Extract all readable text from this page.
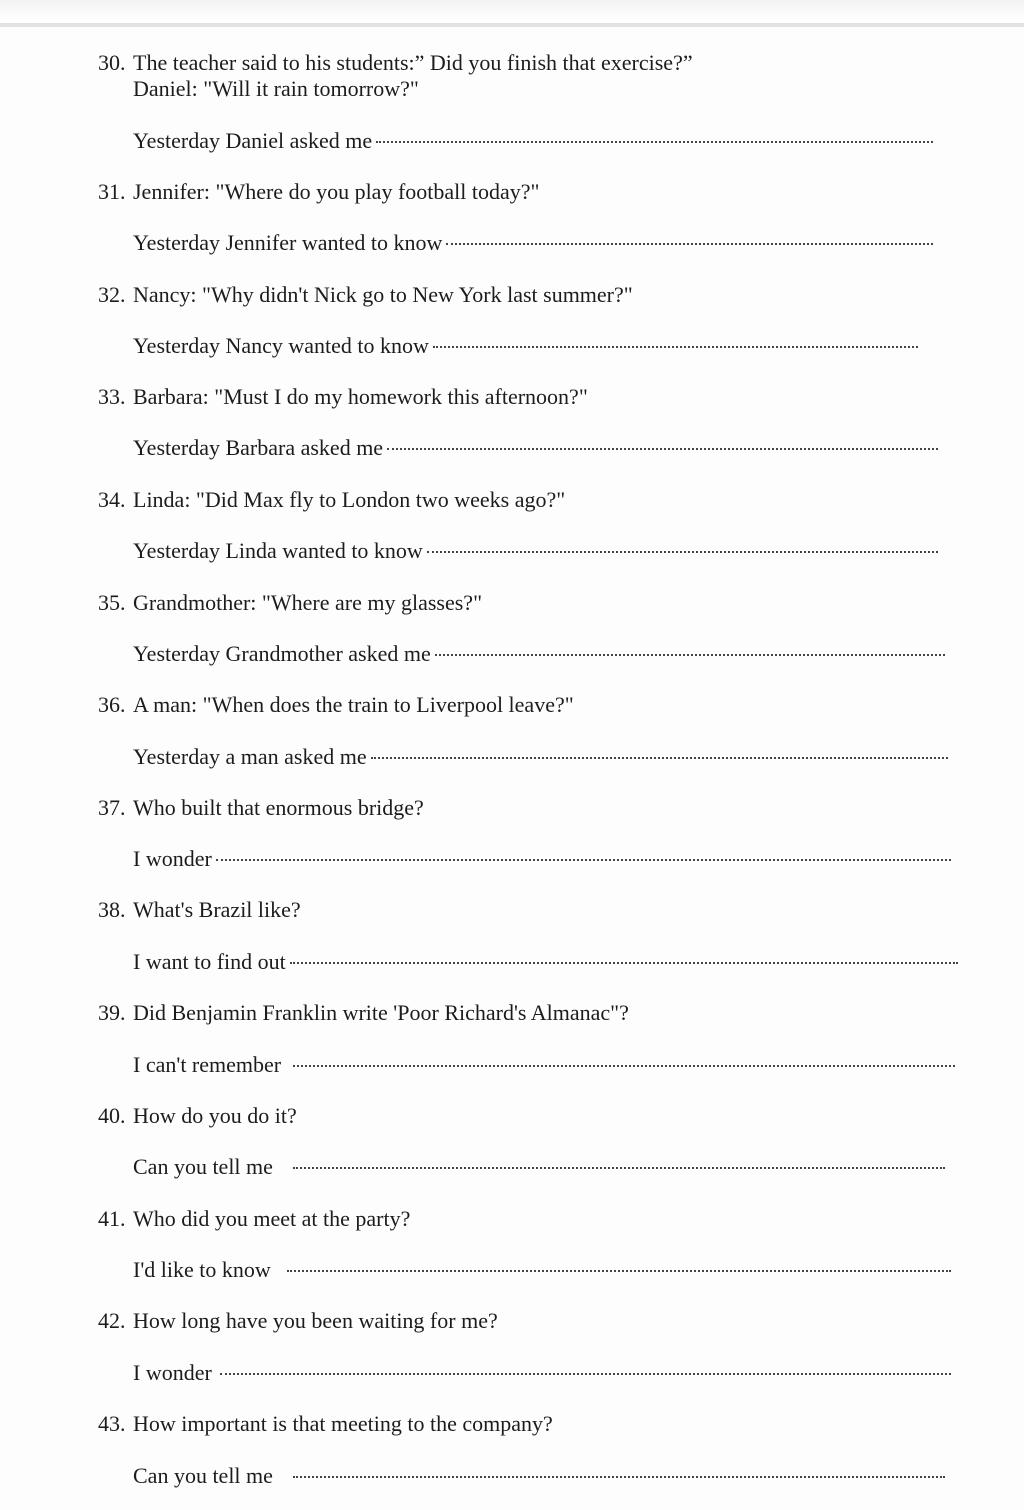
30. The teacher said to his students:” Did you finish that exercise?”
Daniel: "Will it rain tomorrow?"
Yesterday Daniel asked me
31. Jennifer: "Where do you play football today?"
Yesterday Jennifer wanted to know
32. Nancy: "Why didn't Nick go to New York last summer?"
Yesterday Nancy wanted to know
33. Barbara: "Must I do my homework this afternoon?"
Yesterday Barbara asked me
34. Linda: "Did Max fly to London two weeks ago?"
Yesterday Linda wanted to know
35. Grandmother: "Where are my glasses?"
Yesterday Grandmother asked me
36. A man: "When does the train to Liverpool leave?"
Yesterday a man asked me
37. Who built that enormous bridge?
I wonder
38. What's Brazil like?
I want to find out
39. Did Benjamin Franklin write 'Poor Richard's Almanac"?
I can't remember
40. How do you do it?
Can you tell me
41. Who did you meet at the party?
I'd like to know
42. How long have you been waiting for me?
I wonder
43. How important is that meeting to the company?
Can you tell me
